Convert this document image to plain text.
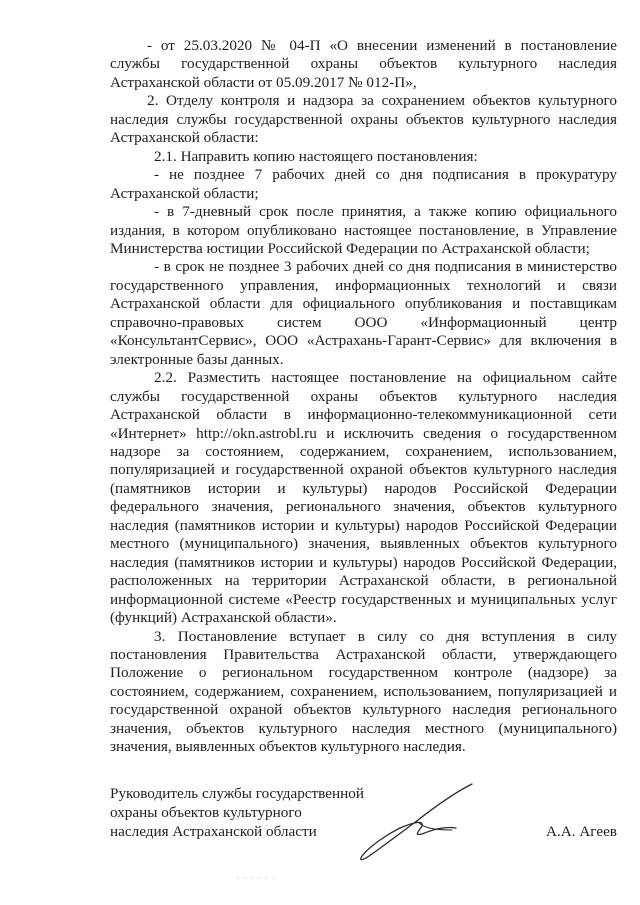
- от 25.03.2020 № 04-П «О внесении изменений в постановление службы государственной охраны объектов культурного наследия Астраханской области от 05.09.2017 № 012-П»,

2. Отделу контроля и надзора за сохранением объектов культурного наследия службы государственной охраны объектов культурного наследия Астраханской области:

2.1. Направить копию настоящего постановления:

- не позднее 7 рабочих дней со дня подписания в прокуратуру Астраханской области;

- в 7-дневный срок после принятия, а также копию официального издания, в котором опубликовано настоящее постановление, в Управление Министерства юстиции Российской Федерации по Астраханской области;

- в срок не позднее 3 рабочих дней со дня подписания в министерство государственного управления, информационных технологий и связи Астраханской области для официального опубликования и поставщикам справочно-правовых систем ООО «Информационный центр «КонсультантСервис», ООО «Астрахань-Гарант-Сервис» для включения в электронные базы данных.

2.2. Разместить настоящее постановление на официальном сайте службы государственной охраны объектов культурного наследия Астраханской области в информационно-телекоммуникационной сети «Интернет» http://okn.astrobl.ru и исключить сведения о государственном надзоре за состоянием, содержанием, сохранением, использованием, популяризацией и государственной охраной объектов культурного наследия (памятников истории и культуры) народов Российской Федерации федерального значения, регионального значения, объектов культурного наследия (памятников истории и культуры) народов Российской Федерации местного (муниципального) значения, выявленных объектов культурного наследия (памятников истории и культуры) народов Российской Федерации, расположенных на территории Астраханской области, в региональной информационной системе «Реестр государственных и муниципальных услуг (функций) Астраханской области».

3. Постановление вступает в силу со дня вступления в силу постановления Правительства Астраханской области, утверждающего Положение о региональном государственном контроле (надзоре) за состоянием, содержанием, сохранением, использованием, популяризацией и государственной охраной объектов культурного наследия регионального значения, объектов культурного наследия местного (муниципального) значения, выявленных объектов культурного наследия.

Руководитель службы государственной
охраны объектов культурного
наследия Астраханской области	А.А. Агеев
· · · · · ·
